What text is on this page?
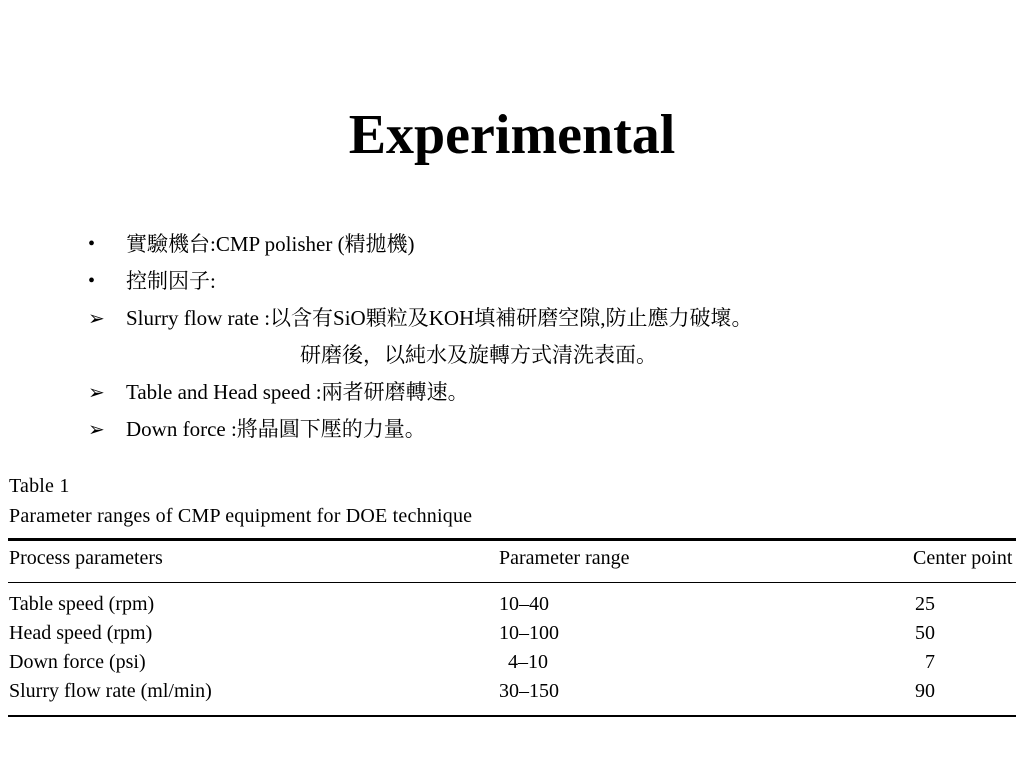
Experimental
•	實驗機台:CMP polisher (精拋機)
•	控制因子:
➢	Slurry flow rate :以含有SiO顆粒及KOH填補研磨空隙,防止應力破壞。
研磨後，以純水及旋轉方式清洗表面。
➢	Table and Head speed :兩者研磨轉速。
➢	Down force :將晶圓下壓的力量。
Table 1
Parameter ranges of CMP equipment for DOE technique
Process parameters	Parameter range	Center point
Table speed (rpm)	10–40	25
Head speed (rpm)	10–100	50
Down force (psi)	4–10	7
Slurry flow rate (ml/min)	30–150	90
